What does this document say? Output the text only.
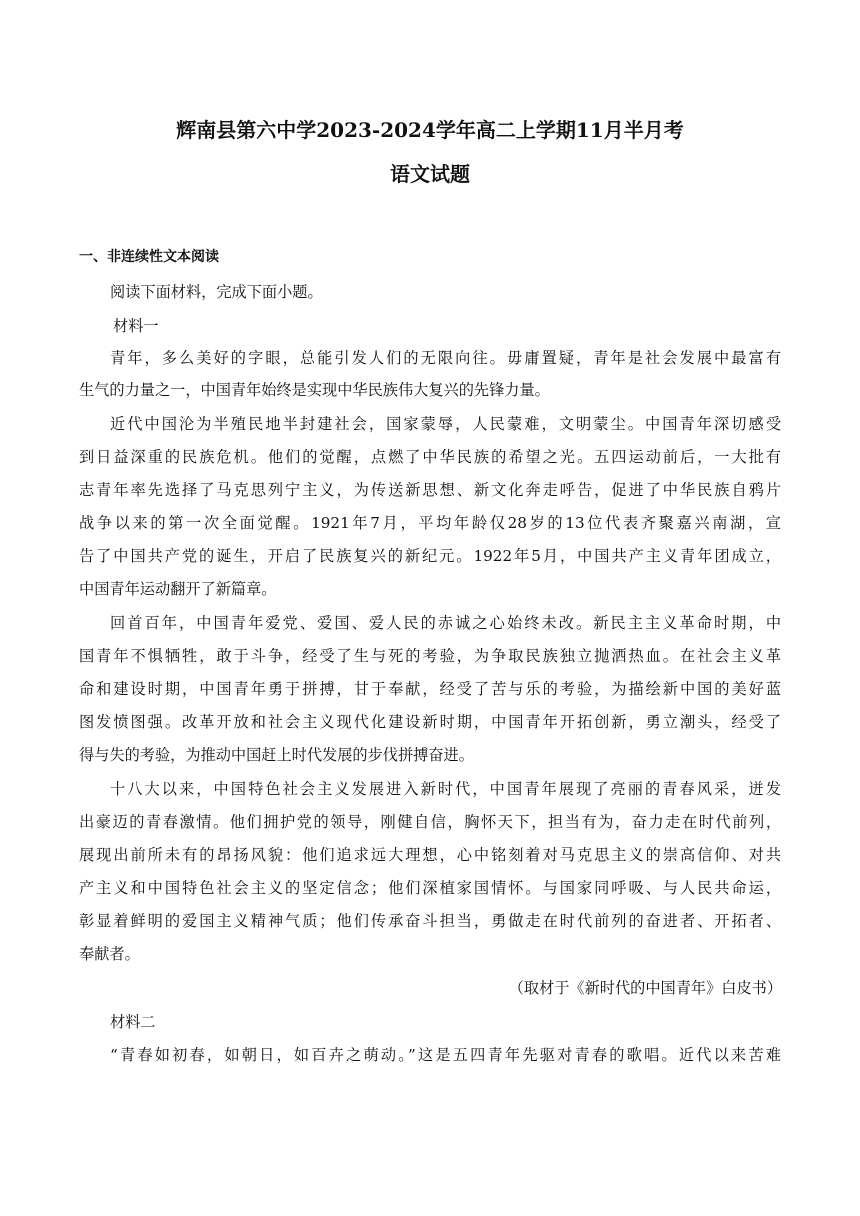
辉南县第六中学2023-2024学年高二上学期11月半月考
语文试题
一、非连续性文本阅读
阅读下面材料，完成下面小题。
材料一
青年，多么美好的字眼，总能引发人们的无限向往。毋庸置疑，青年是社会发展中最富有
生气的力量之一，中国青年始终是实现中华民族伟大复兴的先锋力量。
近代中国沦为半殖民地半封建社会，国家蒙辱，人民蒙难，文明蒙尘。中国青年深切感受
到日益深重的民族危机。他们的觉醒，点燃了中华民族的希望之光。五四运动前后，一大批有
志青年率先选择了马克思列宁主义，为传送新思想、新文化奔走呼告，促进了中华民族自鸦片
战争以来的第一次全面觉醒。1921年7月，平均年龄仅28岁的13位代表齐聚嘉兴南湖，宣
告了中国共产党的诞生，开启了民族复兴的新纪元。1922年5月，中国共产主义青年团成立，
中国青年运动翻开了新篇章。
回首百年，中国青年爱党、爱国、爱人民的赤诚之心始终未改。新民主主义革命时期，中
国青年不惧牺牲，敢于斗争，经受了生与死的考验，为争取民族独立抛洒热血。在社会主义革
命和建设时期，中国青年勇于拼搏，甘于奉献，经受了苦与乐的考验，为描绘新中国的美好蓝
图发愤图强。改革开放和社会主义现代化建设新时期，中国青年开拓创新，勇立潮头，经受了
得与失的考验，为推动中国赶上时代发展的步伐拼搏奋进。
十八大以来，中国特色社会主义发展进入新时代，中国青年展现了亮丽的青春风采，迸发
出豪迈的青春激情。他们拥护党的领导，刚健自信，胸怀天下，担当有为，奋力走在时代前列，
展现出前所未有的昂扬风貌：他们追求远大理想，心中铭刻着对马克思主义的崇高信仰、对共
产主义和中国特色社会主义的坚定信念；他们深植家国情怀。与国家同呼吸、与人民共命运，
彰显着鲜明的爱国主义精神气质；他们传承奋斗担当，勇做走在时代前列的奋进者、开拓者、
奉献者。
（取材于《新时代的中国青年》白皮书）
材料二
“青春如初春，如朝日，如百卉之萌动。”这是五四青年先驱对青春的歌唱。近代以来苦难
